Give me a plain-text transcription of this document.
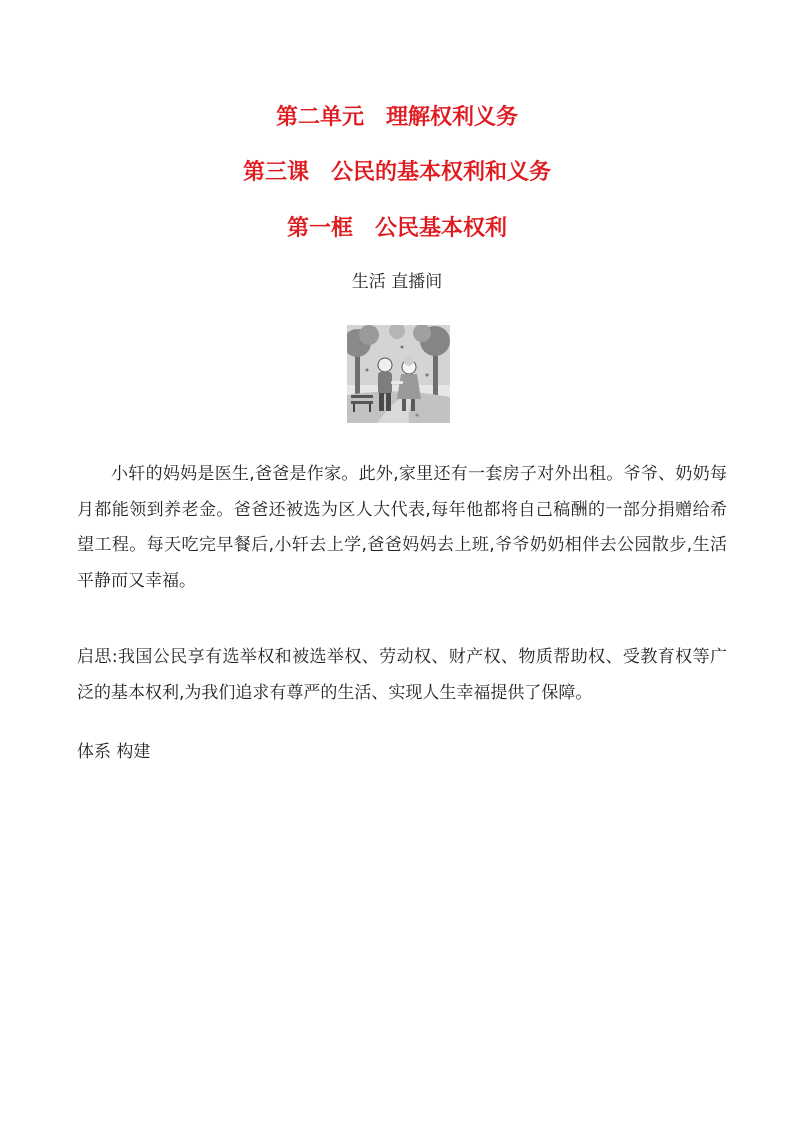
第二单元　理解权利义务
第三课　公民的基本权利和义务
第一框　公民基本权利
生活 直播间
小轩的妈妈是医生,爸爸是作家。此外,家里还有一套房子对外出租。爷爷、奶奶每月都能领到养老金。爸爸还被选为区人大代表,每年他都将自己稿酬的一部分捐赠给希望工程。每天吃完早餐后,小轩去上学,爸爸妈妈去上班,爷爷奶奶相伴去公园散步,生活平静而又幸福。
启思:我国公民享有选举权和被选举权、劳动权、财产权、物质帮助权、受教育权等广泛的基本权利,为我们追求有尊严的生活、实现人生幸福提供了保障。
体系 构建
